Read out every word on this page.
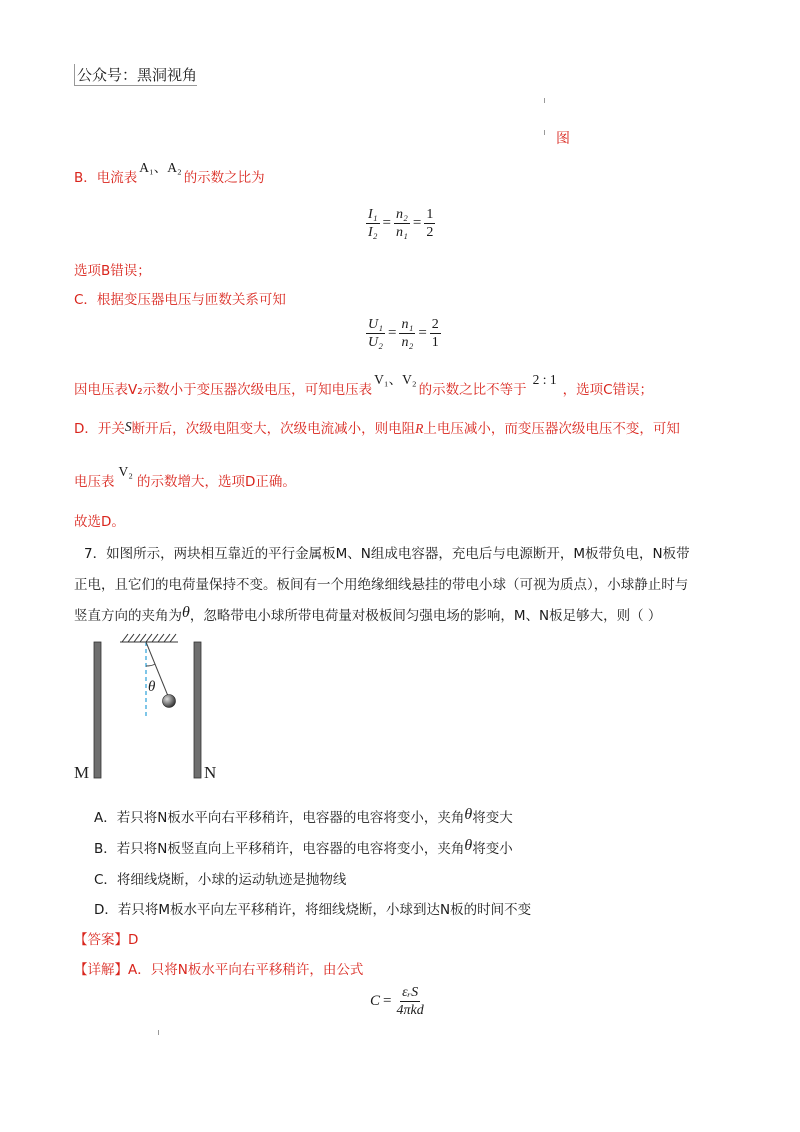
公众号：黑洞视角
图
B．电流表A₁、A₂的示数之比为
$\frac{\text{I₁}}{\text{I₂}} = \frac{\text{n₂}}{\text{n₁}} = \frac{1}{2}$
选项B错误；
C．根据变压器电压与匝数关系可知
$\frac{\text{U₁}}{\text{U₂}} = \frac{\text{n₁}}{\text{n₂}} = \frac{2}{1}$
因电压表V₂示数小于变压器次级电压，可知电压表V₁、V₂的示数之比不等于2 : 1，选项C错误；
D．开关S断开后，次级电阻变大，次级电流减小，则电阻R上电压减小，而变压器次级电压不变，可知
电压表V₂的示数增大，选项D正确。
故选D。
7．如图所示，两块相互靠近的平行金属板M、N组成电容器，充电后与电源断开，M板带负电，N板带
正电，且它们的电荷量保持不变。板间有一个用绝缘细线悬挂的带电小球（可视为质点），小球静止时与
竖直方向的夹角为θ，忽略带电小球所带电荷量对极板间匀强电场的影响，M、N板足够大，则（ ）
θ
M	N
A．若只将N板水平向右平移稍许，电容器的电容将变小，夹角θ将变大
B．若只将N板竖直向上平移稍许，电容器的电容将变小，夹角θ将变小
C．将细线烧断，小球的运动轨迹是抛物线
D．若只将M板水平向左平移稍许，将细线烧断，小球到达N板的时间不变
【答案】D
【详解】A．只将N板水平向右平移稍许，由公式
$C = \frac{\text{εᵣS}}{\text{4πkd}}$
